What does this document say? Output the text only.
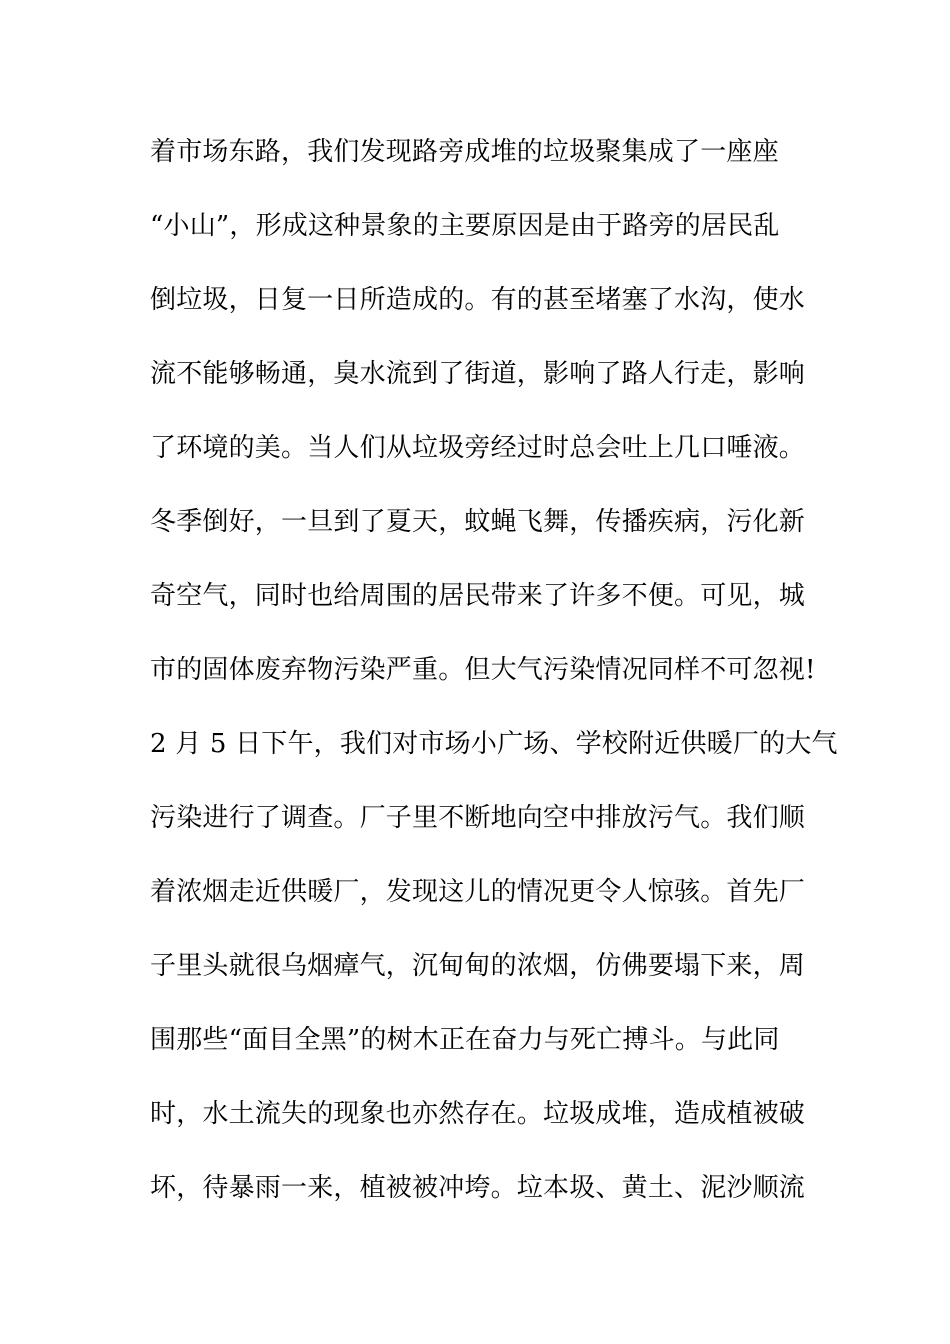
着市场东路，我们发现路旁成堆的垃圾聚集成了一座座
“小山”，形成这种景象的主要原因是由于路旁的居民乱
倒垃圾，日复一日所造成的。有的甚至堵塞了水沟，使水
流不能够畅通，臭水流到了街道，影响了路人行走，影响
了环境的美。当人们从垃圾旁经过时总会吐上几口唾液。
冬季倒好，一旦到了夏天，蚊蝇飞舞，传播疾病，污化新
奇空气，同时也给周围的居民带来了许多不便。可见，城
市的固体废弃物污染严重。但大气污染情况同样不可忽视!
2 月 5 日下午，我们对市场小广场、学校附近供暖厂的大气
污染进行了调查。厂子里不断地向空中排放污气。我们顺
着浓烟走近供暖厂，发现这儿的情况更令人惊骇。首先厂
子里头就很乌烟瘴气，沉甸甸的浓烟，仿佛要塌下来，周
围那些“面目全黑”的树木正在奋力与死亡搏斗。与此同
时，水土流失的现象也亦然存在。垃圾成堆，造成植被破
坏，待暴雨一来，植被被冲垮。垃本圾、黄土、泥沙顺流
